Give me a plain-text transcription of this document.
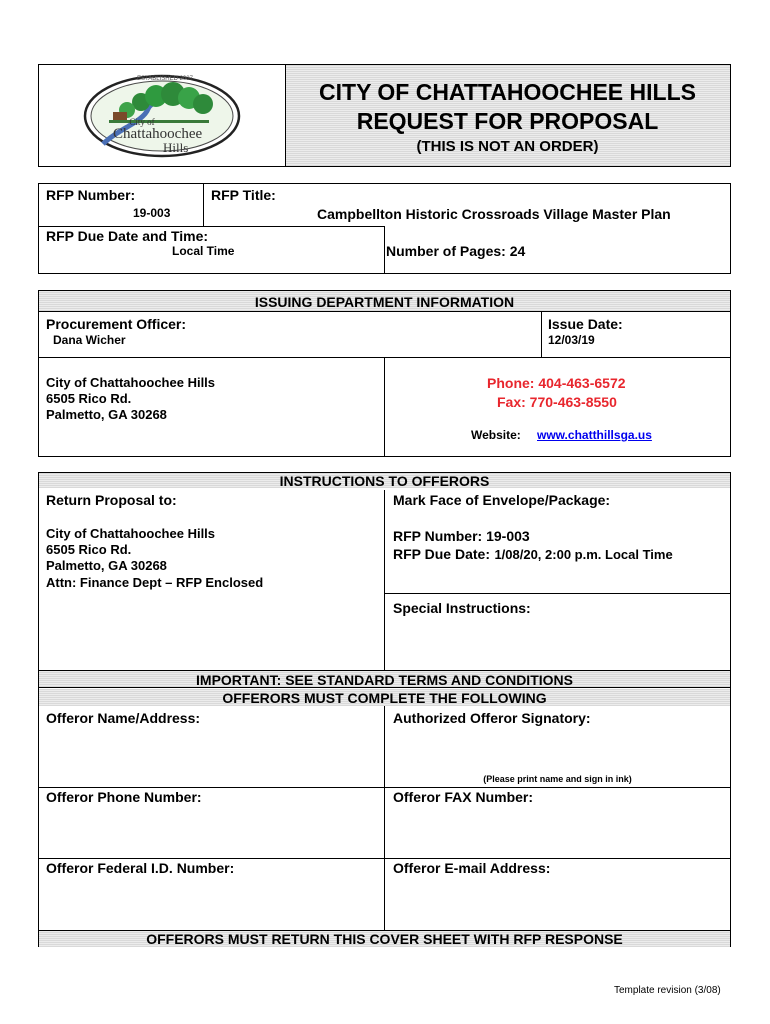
ESTABLISHED 2007
City of
Chattahoochee
Hills
CITY OF CHATTAHOOCHEE HILLS
REQUEST FOR PROPOSAL
(THIS IS NOT AN ORDER)
RFP Number:
19-003
RFP Title:
Campbellton Historic Crossroads Village Master Plan
RFP Due Date and Time:
Local Time	Number of Pages: 24
ISSUING DEPARTMENT INFORMATION
Procurement Officer:
Dana Wicher
Issue Date:
12/03/19
City of Chattahoochee Hills
6505 Rico Rd.
Palmetto, GA 30268
Phone: 404-463-6572
Fax: 770-463-8550
Website: www.chatthillsga.us
INSTRUCTIONS TO OFFERORS
Return Proposal to:	Mark Face of Envelope/Package:
City of Chattahoochee Hills
6505 Rico Rd.
Palmetto, GA 30268
Attn: Finance Dept – RFP Enclosed
RFP Number: 19-003
RFP Due Date: 1/08/20, 2:00 p.m. Local Time
Special Instructions:
IMPORTANT: SEE STANDARD TERMS AND CONDITIONS
OFFERORS MUST COMPLETE THE FOLLOWING
Offeror Name/Address:	Authorized Offeror Signatory:
(Please print name and sign in ink)
Offeror Phone Number:	Offeror FAX Number:
Offeror Federal I.D. Number:	Offeror E-mail Address:
OFFERORS MUST RETURN THIS COVER SHEET WITH RFP RESPONSE
Template revision (3/08)
